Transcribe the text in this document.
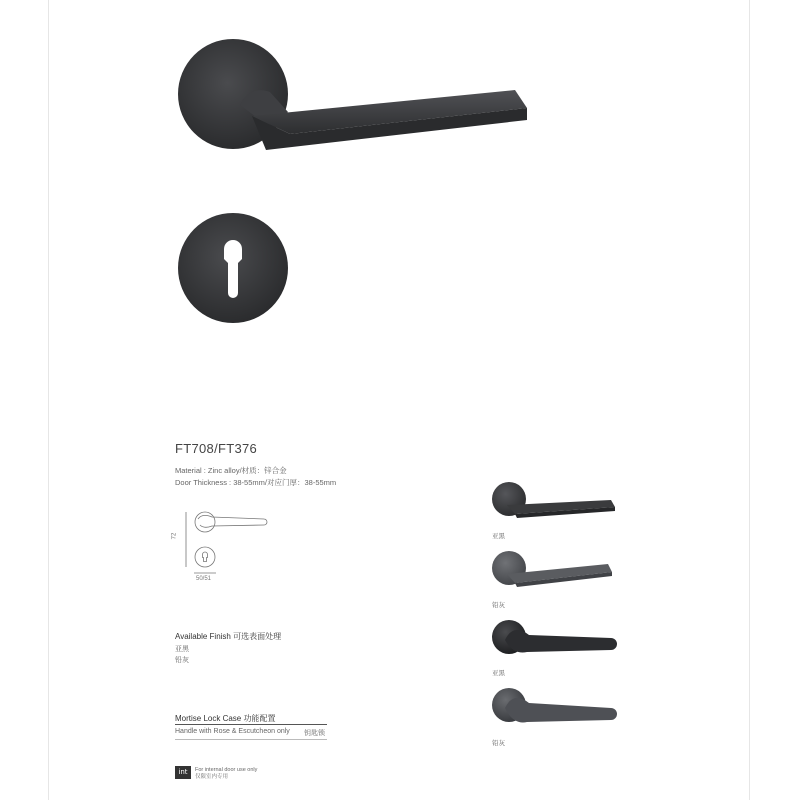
FT708/FT376
Material : Zinc alloy/材质：锌合金
Door Thickness : 38-55mm/对应门厚：38-55mm
72
50/51
Available Finish 可选表面处理
亚黑
铅灰
Mortise Lock Case 功能配置
Handle with Rose & Escutcheon only 钥匙锁
int	For internal door use only
仅限室内专用
亚黑
铅灰
亚黑
铅灰
